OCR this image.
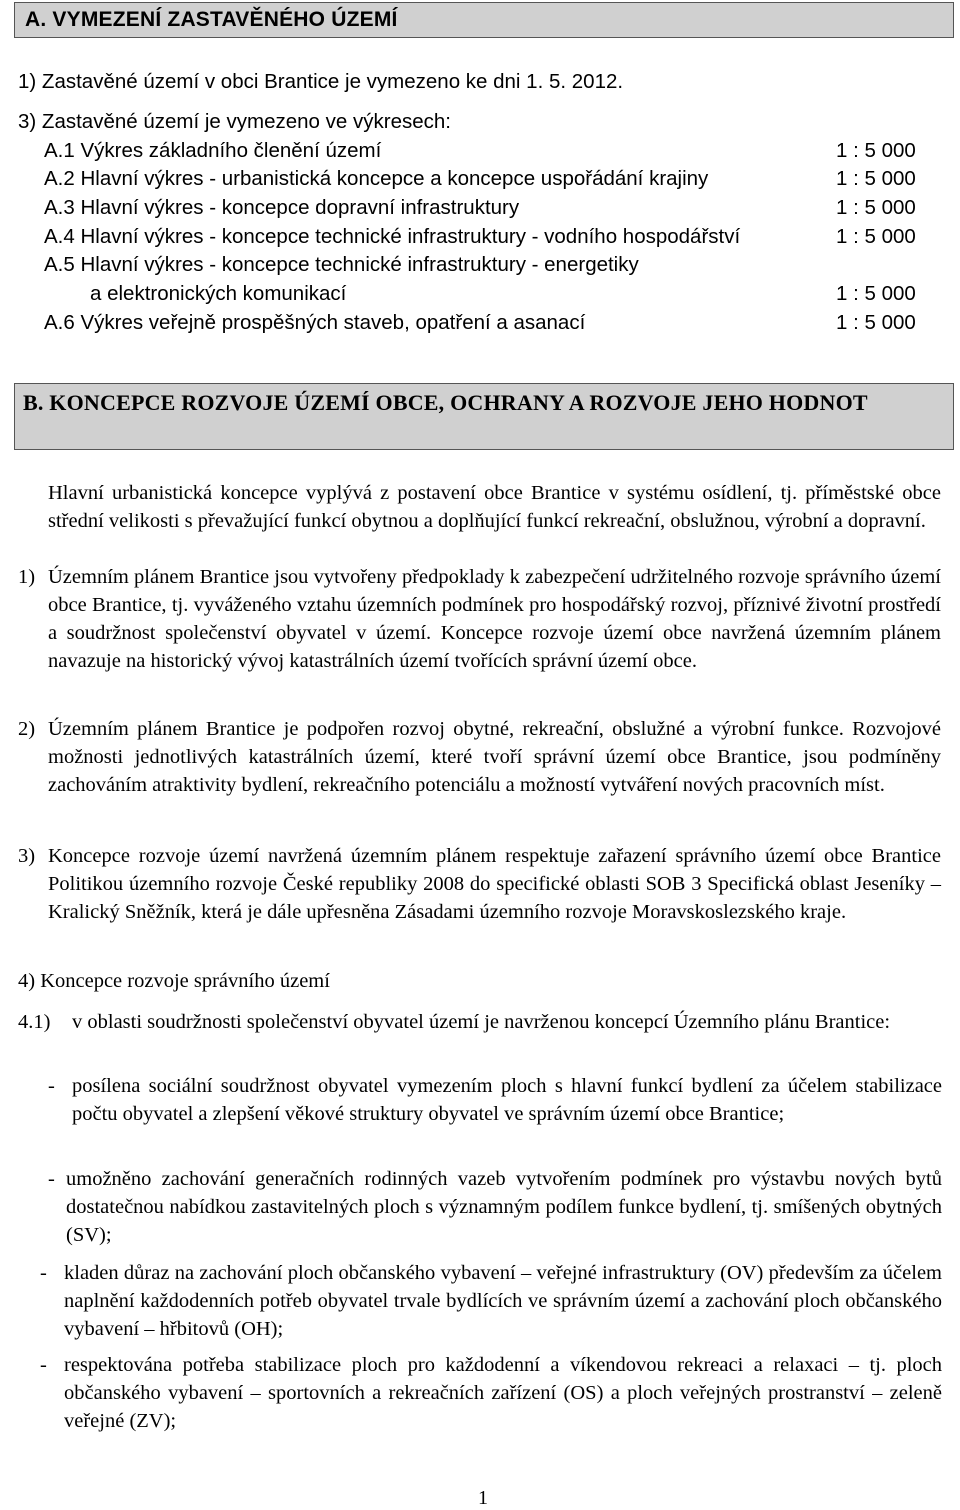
A. VYMEZENÍ ZASTAVĚNÉHO ÚZEMÍ
1) Zastavěné území v obci Brantice je vymezeno ke dni 1. 5. 2012.
3) Zastavěné území je vymezeno ve výkresech:
A.1 Výkres základního členění území	1 : 5 000
A.2 Hlavní výkres - urbanistická koncepce a koncepce uspořádání krajiny	1 : 5 000
A.3 Hlavní výkres - koncepce dopravní infrastruktury	1 : 5 000
A.4 Hlavní výkres - koncepce technické infrastruktury - vodního hospodářství	1 : 5 000
A.5 Hlavní výkres - koncepce technické infrastruktury - energetiky
a elektronických komunikací	1 : 5 000
A.6 Výkres veřejně prospěšných staveb, opatření a asanací	1 : 5 000
B. KONCEPCE ROZVOJE ÚZEMÍ OBCE, OCHRANY A ROZVOJE JEHO HODNOT
Hlavní urbanistická koncepce vyplývá z postavení obce Brantice v systému osídlení, tj. příměstské obce střední velikosti s převažující funkcí obytnou a doplňující funkcí rekreační, obslužnou, výrobní a dopravní.
1) Územním plánem Brantice jsou vytvořeny předpoklady k zabezpečení udržitelného rozvoje správního území obce Brantice, tj. vyváženého vztahu územních podmínek pro hospodářský rozvoj, příznivé životní prostředí a soudržnost společenství obyvatel v území. Koncepce rozvoje území obce navržená územním plánem navazuje na historický vývoj katastrálních území tvořících správní území obce.
2) Územním plánem Brantice je podpořen rozvoj obytné, rekreační, obslužné a výrobní funkce. Rozvojové možnosti jednotlivých katastrálních území, které tvoří správní území obce Brantice, jsou podmíněny zachováním atraktivity bydlení, rekreačního potenciálu a možností vytváření nových pracovních míst.
3) Koncepce rozvoje území navržená územním plánem respektuje zařazení správního území obce Brantice Politikou územního rozvoje České republiky 2008 do specifické oblasti SOB 3 Specifická oblast Jeseníky – Kralický Sněžník, která je dále upřesněna Zásadami územního rozvoje Moravskoslezského kraje.
4) Koncepce rozvoje správního území
4.1) v oblasti soudržnosti společenství obyvatel území je navrženou koncepcí Územního plánu Brantice:
- posílena sociální soudržnost obyvatel vymezením ploch s hlavní funkcí bydlení za účelem stabilizace počtu obyvatel a zlepšení věkové struktury obyvatel ve správním území obce Brantice;
- umožněno zachování generačních rodinných vazeb vytvořením podmínek pro výstavbu nových bytů dostatečnou nabídkou zastavitelných ploch s významným podílem funkce bydlení, tj. smíšených obytných (SV);
- kladen důraz na zachování ploch občanského vybavení – veřejné infrastruktury (OV) především za účelem naplnění každodenních potřeb obyvatel trvale bydlících ve správním území a zachování ploch občanského vybavení – hřbitovů (OH);
- respektována potřeba stabilizace ploch pro každodenní a víkendovou rekreaci a relaxaci – tj. ploch občanského vybavení – sportovních a rekreačních zařízení (OS) a ploch veřejných prostranství – zeleně veřejné (ZV);
1
